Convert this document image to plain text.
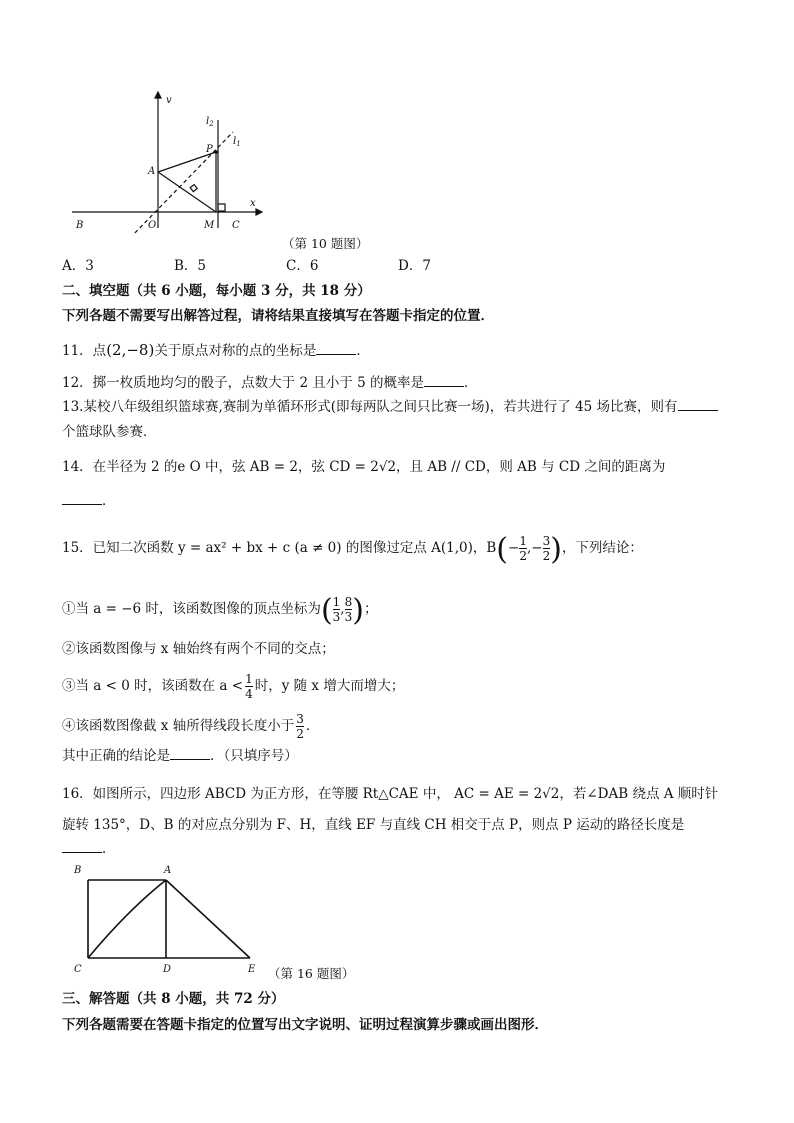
v
x
$l_2$
$l_1$
P
A
B	O	M C
（第 10 题图）
A．3	B．5	C．6	D．7
二、填空题（共 6 小题，每小题 3 分，共 18 分）
下列各题不需要写出解答过程，请将结果直接填写在答题卡指定的位置．
11．点(2,−8)关于原点对称的点的坐标是	．
12．掷一枚质地均匀的骰子，点数大于 2 且小于 5 的概率是	．
13.某校八年级组织篮球赛,赛制为单循环形式(即每两队之间只比赛一场)，若共进行了 45 场比赛，则有
个篮球队参赛．
14．在半径为 2 的e O 中，弦 AB = 2，弦 CD = 2√2，且 AB // CD，则 AB 与 CD 之间的距离为
．
15．已知二次函数 y = ax² + bx + c (a ≠ 0) 的图像过定点 A(1,0)，$B(- \frac{1}{2}$ ,− $\frac{3}{2}$ )，下列结论：
①当 a = −6 时，该函数图像的顶点坐标为( $\frac{1}{3}$ , $\frac{8}{3}$ )；
②该函数图像与 x 轴始终有两个不同的交点；
③当 a < 0 时，该函数在 $a < \frac{1}{4}$ 时，y 随 x 增大而增大；
④该函数图像截 x 轴所得线段长度小于 $\frac{3}{2}$ ．
其中正确的结论是	．（只填序号）
16．如图所示，四边形 ABCD 为正方形，在等腰 Rt△CAE 中， AC = AE = 2√2，若∠DAB 绕点 A 顺时针
旋转 135°，D、B 的对应点分别为 F、H，直线 EF 与直线 CH 相交于点 P，则点 P 运动的路径长度是
．
B	A
C	D	E （第 16 题图）
三、解答题（共 8 小题，共 72 分）
下列各题需要在答题卡指定的位置写出文字说明、证明过程演算步骤或画出图形．
